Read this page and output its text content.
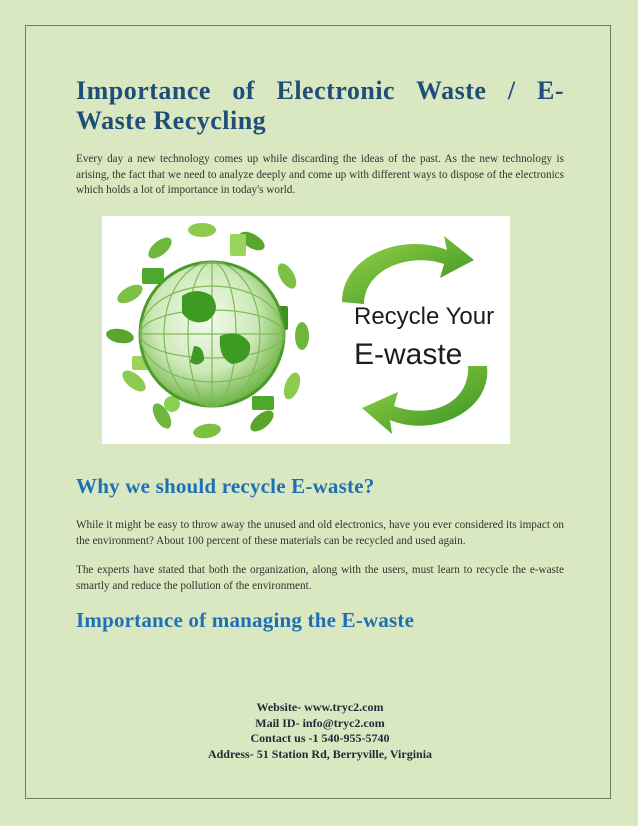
Importance of Electronic Waste / E-
Waste Recycling

Every day a new technology comes up while discarding the ideas of the past. As the new technology is arising, the fact that we need to analyze deeply and come up with different ways to dispose of the electronics which holds a lot of importance in today's world.

Recycle Your
E-waste
Why we should recycle E-waste?

While it might be easy to throw away the unused and old electronics, have you ever considered its impact on the environment? About 100 percent of these materials can be recycled and used again.

The experts have stated that both the organization, along with the users, must learn to recycle the e-waste smartly and reduce the pollution of the environment.

Importance of managing the E-waste
Website- www.tryc2.com
Mail ID- info@tryc2.com
Contact us -1 540-955-5740
Address- 51 Station Rd, Berryville, Virginia
